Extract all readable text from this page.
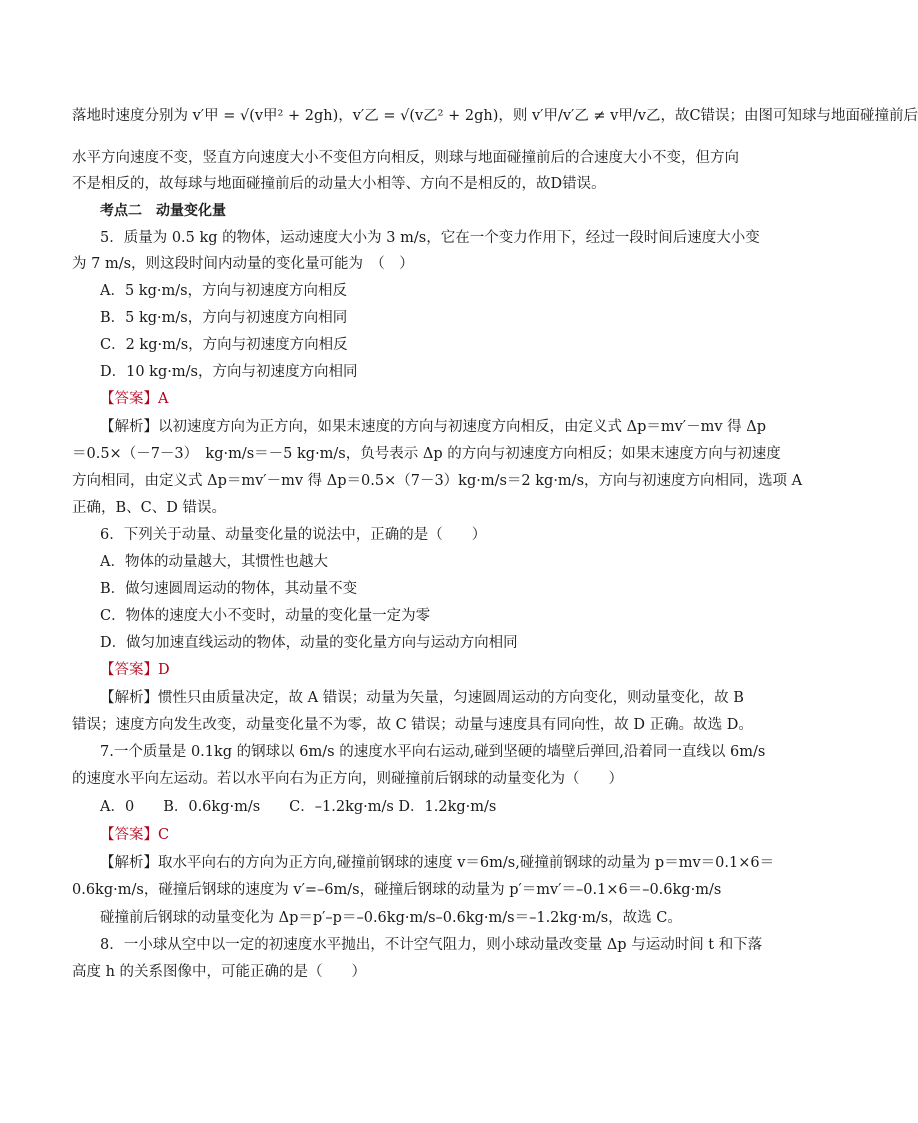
落地时速度分别为 v′甲 = √(v甲² + 2gh)，v′乙 = √(v乙² + 2gh)，则 v′甲/v′乙 ≠ v甲/v乙，故C错误；由图可知球与地面碰撞前后
水平方向速度不变，竖直方向速度大小不变但方向相反，则球与地面碰撞前后的合速度大小不变，但方向
不是相反的，故每球与地面碰撞前后的动量大小相等、方向不是相反的，故D错误。
考点二　动量变化量
5．质量为 0.5 kg 的物体，运动速度大小为 3 m/s，它在一个变力作用下，经过一段时间后速度大小变
为 7 m/s，则这段时间内动量的变化量可能为　（　）
A．5 kg·m/s，方向与初速度方向相反
B．5 kg·m/s，方向与初速度方向相同
C．2 kg·m/s，方向与初速度方向相反
D．10 kg·m/s，方向与初速度方向相同
【答案】A
【解析】以初速度方向为正方向，如果末速度的方向与初速度方向相反，由定义式 Δp＝mv′－mv 得 Δp
＝0.5×（－7－3）　kg·m/s＝－5 kg·m/s，负号表示 Δp 的方向与初速度方向相反；如果末速度方向与初速度
方向相同，由定义式 Δp＝mv′－mv 得 Δp＝0.5×（7－3）kg·m/s＝2 kg·m/s，方向与初速度方向相同，选项 A
正确，B、C、D 错误。
6．下列关于动量、动量变化量的说法中，正确的是（　　）
A．物体的动量越大，其惯性也越大
B．做匀速圆周运动的物体，其动量不变
C．物体的速度大小不变时，动量的变化量一定为零
D．做匀加速直线运动的物体，动量的变化量方向与运动方向相同
【答案】D
【解析】惯性只由质量决定，故 A 错误；动量为矢量，匀速圆周运动的方向变化，则动量变化，故 B
错误；速度方向发生改变，动量变化量不为零，故 C 错误；动量与速度具有同向性，故 D 正确。故选 D。
7.一个质量是 0.1kg 的钢球以 6m/s 的速度水平向右运动,碰到坚硬的墙壁后弹回,沿着同一直线以 6m/s
的速度水平向左运动。若以水平向右为正方向，则碰撞前后钢球的动量变化为（　　）
A．0　　B．0.6kg·m/s　　C．–1.2kg·m/s D．1.2kg·m/s
【答案】C
【解析】取水平向右的方向为正方向,碰撞前钢球的速度 v＝6m/s,碰撞前钢球的动量为 p＝mv＝0.1×6＝
0.6kg·m/s，碰撞后钢球的速度为 v′=–6m/s，碰撞后钢球的动量为 p′＝mv′＝–0.1×6＝–0.6kg·m/s
碰撞前后钢球的动量变化为 Δp＝p′–p＝–0.6kg·m/s–0.6kg·m/s＝–1.2kg·m/s，故选 C。
8．一小球从空中以一定的初速度水平抛出，不计空气阻力，则小球动量改变量 Δp 与运动时间 t 和下落
高度 h 的关系图像中，可能正确的是（　　）
